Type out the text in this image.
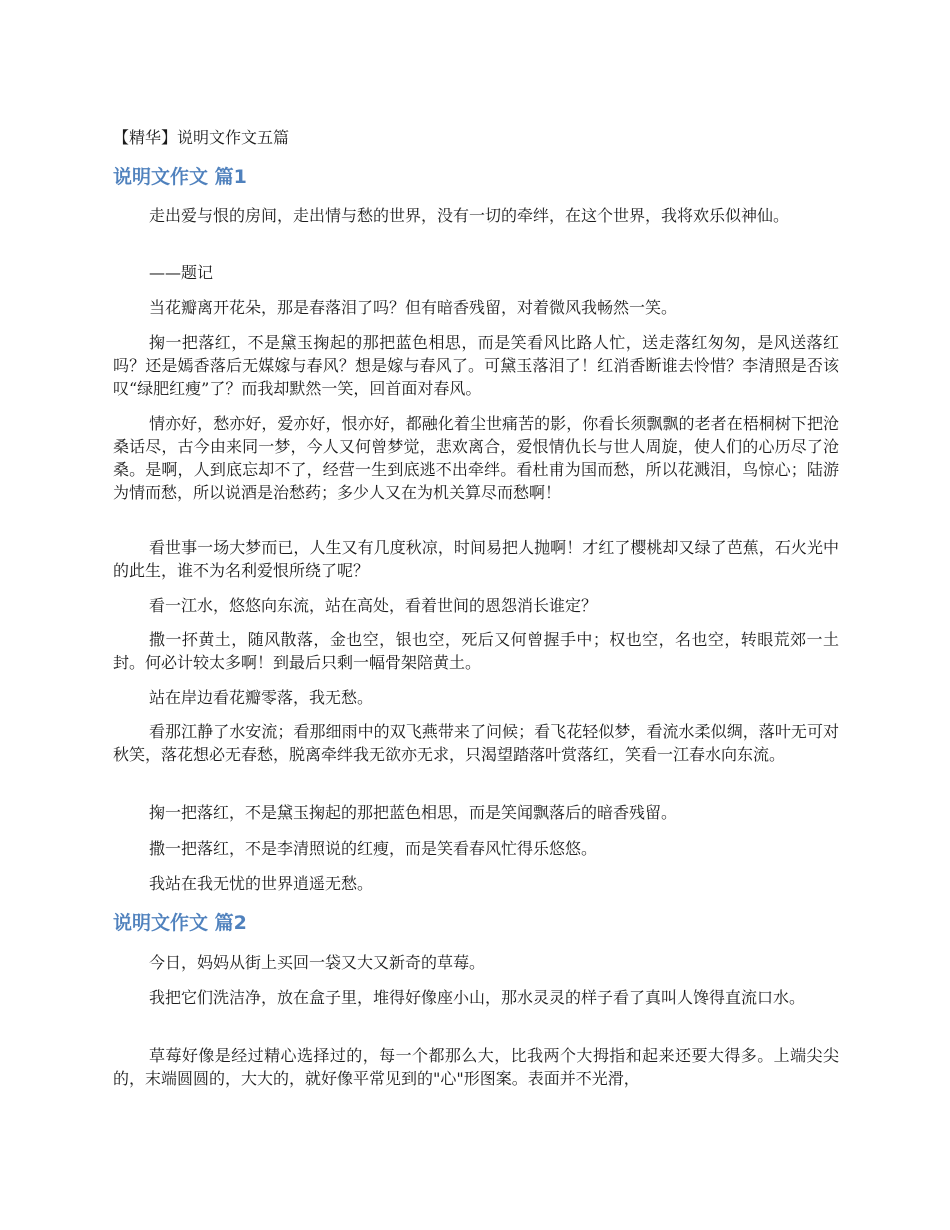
【精华】说明文作文五篇
说明文作文 篇1

走出爱与恨的房间，走出情与愁的世界，没有一切的牵绊，在这个世界，我将欢乐似神仙。

——题记

当花瓣离开花朵，那是春落泪了吗？但有暗香残留，对着微风我畅然一笑。

掬一把落红，不是黛玉掬起的那把蓝色相思，而是笑看风比路人忙，送走落红匆匆，是风送落红吗？还是嫣香落后无媒嫁与春风？想是嫁与春风了。可黛玉落泪了！红消香断谁去怜惜？李清照是否该叹“绿肥红瘦”了？而我却默然一笑，回首面对春风。

情亦好，愁亦好，爱亦好，恨亦好，都融化着尘世痛苦的影，你看长须飘飘的老者在梧桐树下把沧桑话尽，古今由来同一梦，今人又何曾梦觉，悲欢离合，爱恨情仇长与世人周旋，使人们的心历尽了沧桑。是啊，人到底忘却不了，经营一生到底逃不出牵绊。看杜甫为国而愁，所以花溅泪，鸟惊心；陆游为情而愁，所以说酒是治愁药；多少人又在为机关算尽而愁啊！

看世事一场大梦而已，人生又有几度秋凉，时间易把人抛啊！才红了樱桃却又绿了芭蕉，石火光中的此生，谁不为名利爱恨所绕了呢？

看一江水，悠悠向东流，站在高处，看着世间的恩怨消长谁定？

撒一抔黄土，随风散落，金也空，银也空，死后又何曾握手中；权也空，名也空，转眼荒郊一土封。何必计较太多啊！到最后只剩一幅骨架陪黄土。

站在岸边看花瓣零落，我无愁。

看那江静了水安流；看那细雨中的双飞燕带来了问候；看飞花轻似梦，看流水柔似绸，落叶无可对秋笑，落花想必无春愁，脱离牵绊我无欲亦无求，只渴望踏落叶赏落红，笑看一江春水向东流。

掬一把落红，不是黛玉掬起的那把蓝色相思，而是笑闻飘落后的暗香残留。

撒一把落红，不是李清照说的红瘦，而是笑看春风忙得乐悠悠。

我站在我无忧的世界逍遥无愁。

说明文作文 篇2

今日，妈妈从街上买回一袋又大又新奇的草莓。

我把它们洗洁净，放在盒子里，堆得好像座小山，那水灵灵的样子看了真叫人馋得直流口水。

草莓好像是经过精心选择过的，每一个都那么大，比我两个大拇指和起来还要大得多。上端尖尖的，末端圆圆的，大大的，就好像平常见到的"心"形图案。表面并不光滑，
